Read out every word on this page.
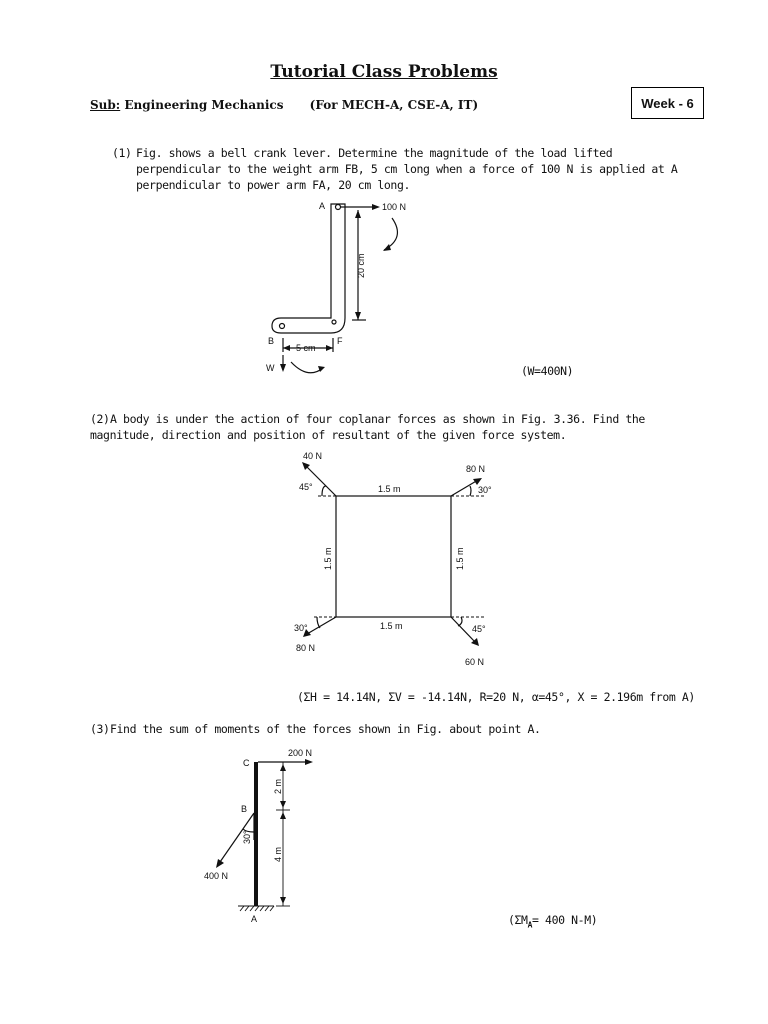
Tutorial Class Problems
Sub: Engineering Mechanics (For MECH-A, CSE-A, IT)	Week - 6
(1) Fig. shows a bell crank lever. Determine the magnitude of the load lifted perpendicular to the weight arm FB, 5 cm long when a force of 100 N is applied at A perpendicular to power arm FA, 20 cm long.
A	100 N
20 cm
B	F
5 cm
W	(W=400N)
(2) A body is under the action of four coplanar forces as shown in Fig. 3.36. Find the magnitude, direction and position of resultant of the given force system.
40 N
80 N
80 N
60 N
45°	30°
30°	45°
1.5 m
1.5 m
1.5 m	1.5 m
(ΣH = 14.14N, ΣV = -14.14N, R=20 N, α=45°, X = 2.196m from A)
(3) Find the sum of moments of the forces shown in Fig. about point A.
C
B
A
200 N
400 N
30°
2 m
4 m
($\Sigma M_A= 400$ N-M)
